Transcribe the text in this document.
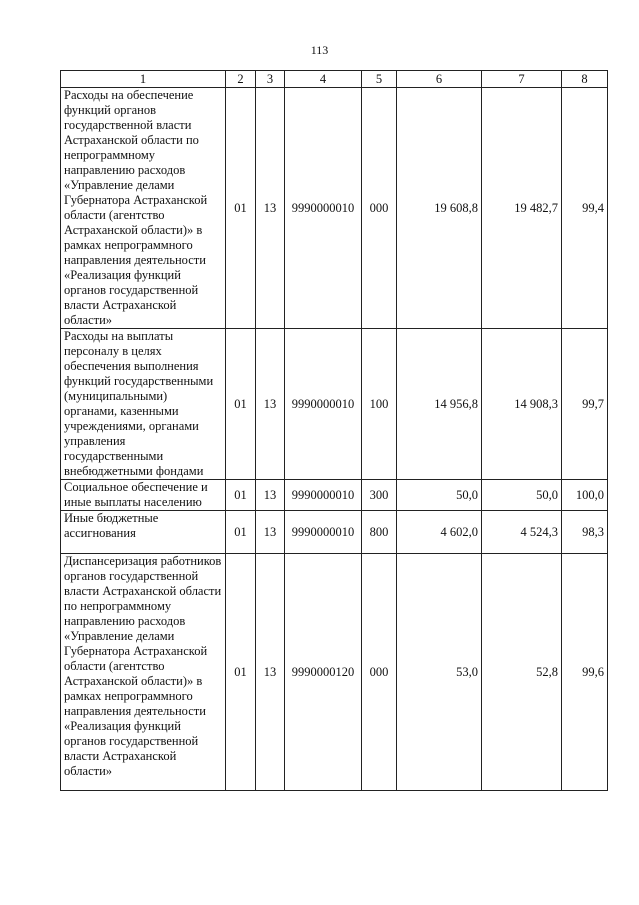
113
1	2	3	4	5	6	7	8
Расходы на обеспечение функций органов государственной власти Астраханской области по непрограммному направлению расходов «Управление делами Губернатора Астраханской области (агентство Астраханской области)» в рамках непрограммного направления деятельности «Реализация функций органов государственной власти Астраханской области»	01	13	9990000010	000	19 608,8	19 482,7	99,4
Расходы на выплаты персоналу в целях обеспечения выполнения функций государственными (муниципальными) органами, казенными учреждениями, органами управления государственными внебюджетными фондами	01	13	9990000010	100	14 956,8	14 908,3	99,7
Социальное обеспечение и иные выплаты населению	01	13	9990000010	300	50,0	50,0	100,0
Иные бюджетные ассигнования	01	13	9990000010	800	4 602,0	4 524,3	98,3
Диспансеризация работников органов государственной власти Астраханской области по непрограммному направлению расходов «Управление делами Губернатора Астраханской области (агентство Астраханской области)» в рамках непрограммного направления деятельности «Реализация функций органов государственной власти Астраханской области»	01	13	9990000120	000	53,0	52,8	99,6
